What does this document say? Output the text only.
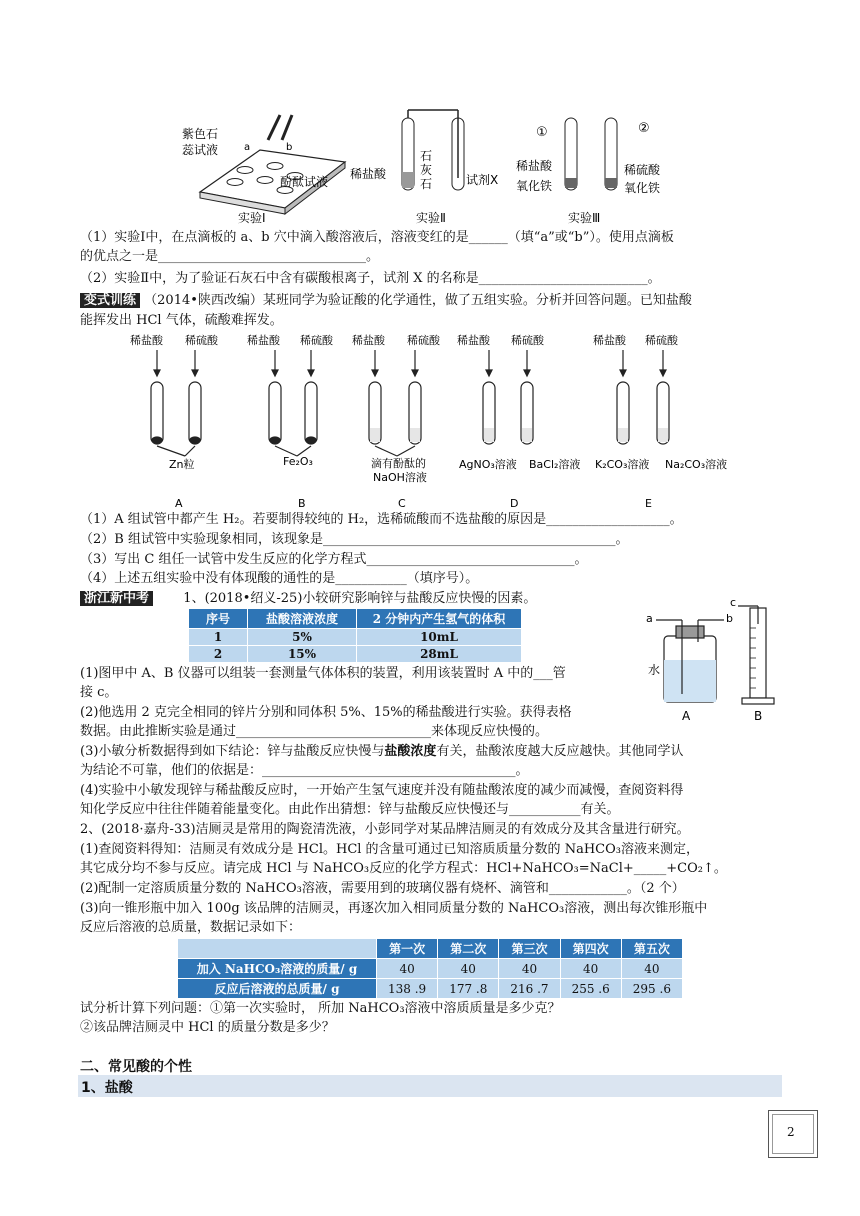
紫色石
蕊试液	a	b
酚酞试液
稀盐酸
石
灰
石	试剂X
①	②
稀盐酸
氧化铁
稀硫酸
氧化铁
实验Ⅰ	实验Ⅱ	实验Ⅲ
（1）实验Ⅰ中，在点滴板的 a、b 穴中滴入酸溶液后，溶液变红的是______（填“a”或“b”）。使用点滴板
的优点之一是________________________________。
（2）实验Ⅱ中，为了验证石灰石中含有碳酸根离子，试剂 X 的名称是__________________________。
变式训练 （2014•陕西改编）某班同学为验证酸的化学通性，做了五组实验。分析并回答问题。已知盐酸
能挥发出 HCl 气体，硫酸难挥发。
稀盐酸 稀硫酸	稀盐酸 稀硫酸 稀盐酸 稀硫酸 稀盐酸 稀硫酸	稀盐酸 稀硫酸
Zn粒	Fe₂O₃	滴有酚酞的
NaOH溶液
AgNO₃溶液 BaCl₂溶液 K₂CO₃溶液 Na₂CO₃溶液
A	B	C	D	E
（1）A 组试管中都产生 H₂。若要制得较纯的 H₂，选稀硫酸而不选盐酸的原因是___________________。
（2）B 组试管中实验现象相同，该现象是_____________________________________________。
（3）写出 C 组任一试管中发生反应的化学方程式________________________________。
（4）上述五组实验中没有体现酸的通性的是___________（填序号）。
浙江新中考	1、(2018•绍义-25)小较研究影响锌与盐酸反应快慢的因素。
序号	盐酸溶液浓度	2 分钟内产生氢气的体积
1	5%	10mL
2	15%	28mL
a	b
c
水
A	B
(1)图甲中 A、B 仪器可以组装一套测量气体体积的装置，利用该装置时 A 中的___管
接 c。
(2)他选用 2 克完全相同的锌片分别和同体积 5%、15%的稀盐酸进行实验。获得表格
数据。由此推断实验是通过______________________________来体现反应快慢的。
(3)小敏分析数据得到如下结论：锌与盐酸反应快慢与盐酸浓度有关，盐酸浓度越大反应越快。其他同学认
为结论不可靠，他们的依据是：_______________________________________。
(4)实验中小敏发现锌与稀盐酸反应时，一开始产生氢气速度并没有随盐酸浓度的减少而减慢，查阅资料得
知化学反应中往往伴随着能量变化。由此作出猜想：锌与盐酸反应快慢还与___________有关。
2、(2018·嘉舟-33)洁厕灵是常用的陶瓷清洗液，小彭同学对某品牌洁厕灵的有效成分及其含量进行研究。
(1)查阅资料得知：洁厕灵有效成分是 HCl。HCl 的含量可通过已知溶质质量分数的 NaHCO₃溶液来测定，
其它成分均不参与反应。请完成 HCl 与 NaHCO₃反应的化学方程式：HCl+NaHCO₃=NaCl+_____+CO₂↑。
(2)配制一定溶质质量分数的 NaHCO₃溶液，需要用到的玻璃仪器有烧杯、滴管和____________。（2 个）
(3)向一锥形瓶中加入 100g 该品牌的洁厕灵，再逐次加入相同质量分数的 NaHCO₃溶液，测出每次锥形瓶中
反应后溶液的总质量，数据记录如下：
	第一次	第二次	第三次	第四次	第五次
加入 NaHCO₃溶液的质量/ g	40	40	40	40	40
反应后溶液的总质量/ g	138 .9	177 .8	216 .7	255 .6	295 .6
试分析计算下列问题：①第一次实验时， 所加 NaHCO₃溶液中溶质质量是多少克？
②该品牌洁厕灵中 HCl 的质量分数是多少？
二、常见酸的个性
1、盐酸
2
